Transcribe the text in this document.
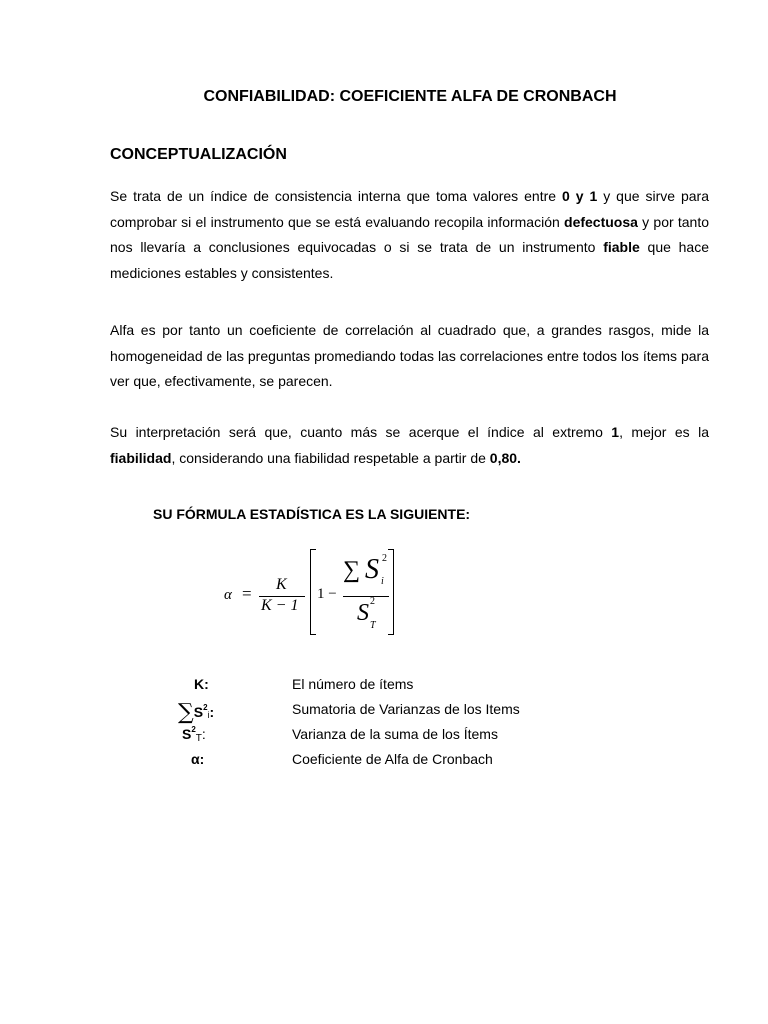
CONFIABILIDAD: COEFICIENTE ALFA DE CRONBACH
CONCEPTUALIZACIÓN
Se trata de un índice de consistencia interna que toma valores entre 0 y 1 y que sirve para comprobar si el instrumento que se está evaluando recopila información defectuosa y por tanto nos llevaría a conclusiones equivocadas o si se trata de un instrumento fiable que hace mediciones estables y consistentes.
Alfa es por tanto un coeficiente de correlación al cuadrado que, a grandes rasgos, mide la homogeneidad de las preguntas promediando todas las correlaciones entre todos los ítems para ver que, efectivamente, se parecen.
Su interpretación será que, cuanto más se acerque el índice al extremo 1, mejor es la fiabilidad, considerando una fiabilidad respetable a partir de 0,80.
SU FÓRMULA ESTADÍSTICA ES LA SIGUIENTE:
α = K
K − 1
1 −
∑ S 2
i
S 2
T
K:	El número de ítems
$\sum S^2i$:	Sumatoria de Varianzas de los Items
$S^2T$:	Varianza de la suma de los Ítems
α:	Coeficiente de Alfa de Cronbach
